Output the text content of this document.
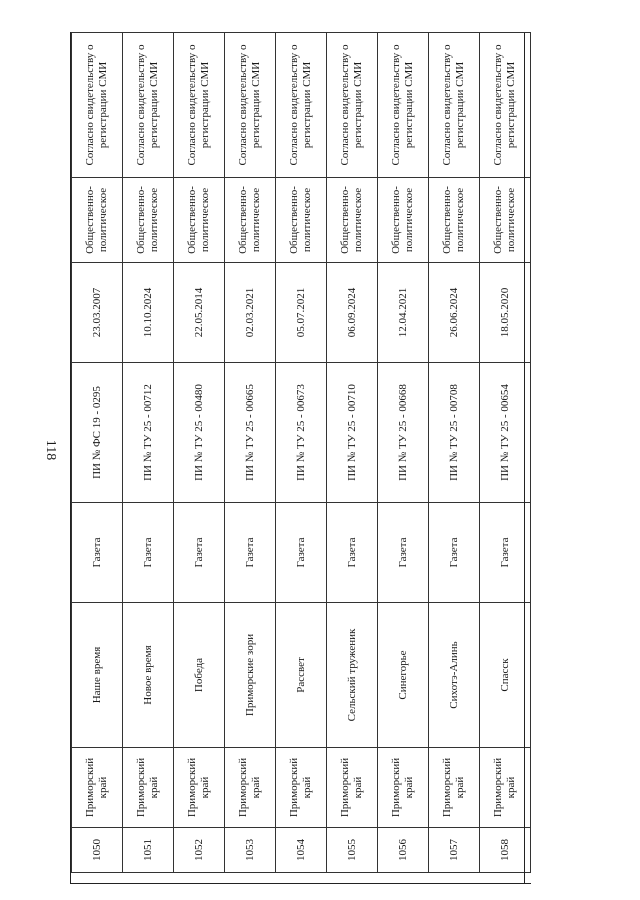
118
1050	Приморский край	Наше время	Газета	ПИ № ФС 19 - 0295	23.03.2007	Общественно-политическое	Согласно свидетельству о регистрации СМИ
1051	Приморский край	Новое время	Газета	ПИ № ТУ 25 - 00712	10.10.2024	Общественно-политическое	Согласно свидетельству о регистрации СМИ
1052	Приморский край	Победа	Газета	ПИ № ТУ 25 - 00480	22.05.2014	Общественно-политическое	Согласно свидетельству о регистрации СМИ
1053	Приморский край	Приморские зори	Газета	ПИ № ТУ 25 - 00665	02.03.2021	Общественно-политическое	Согласно свидетельству о регистрации СМИ
1054	Приморский край	Рассвет	Газета	ПИ № ТУ 25 - 00673	05.07.2021	Общественно-политическое	Согласно свидетельству о регистрации СМИ
1055	Приморский край	Сельский труженик	Газета	ПИ № ТУ 25 - 00710	06.09.2024	Общественно-политическое	Согласно свидетельству о регистрации СМИ
1056	Приморский край	Синегорье	Газета	ПИ № ТУ 25 - 00668	12.04.2021	Общественно-политическое	Согласно свидетельству о регистрации СМИ
1057	Приморский край	Сихотэ-Алинь	Газета	ПИ № ТУ 25 - 00708	26.06.2024	Общественно-политическое	Согласно свидетельству о регистрации СМИ
1058	Приморский край	Спасск	Газета	ПИ № ТУ 25 - 00654	18.05.2020	Общественно-политическое	Согласно свидетельству о регистрации СМИ
